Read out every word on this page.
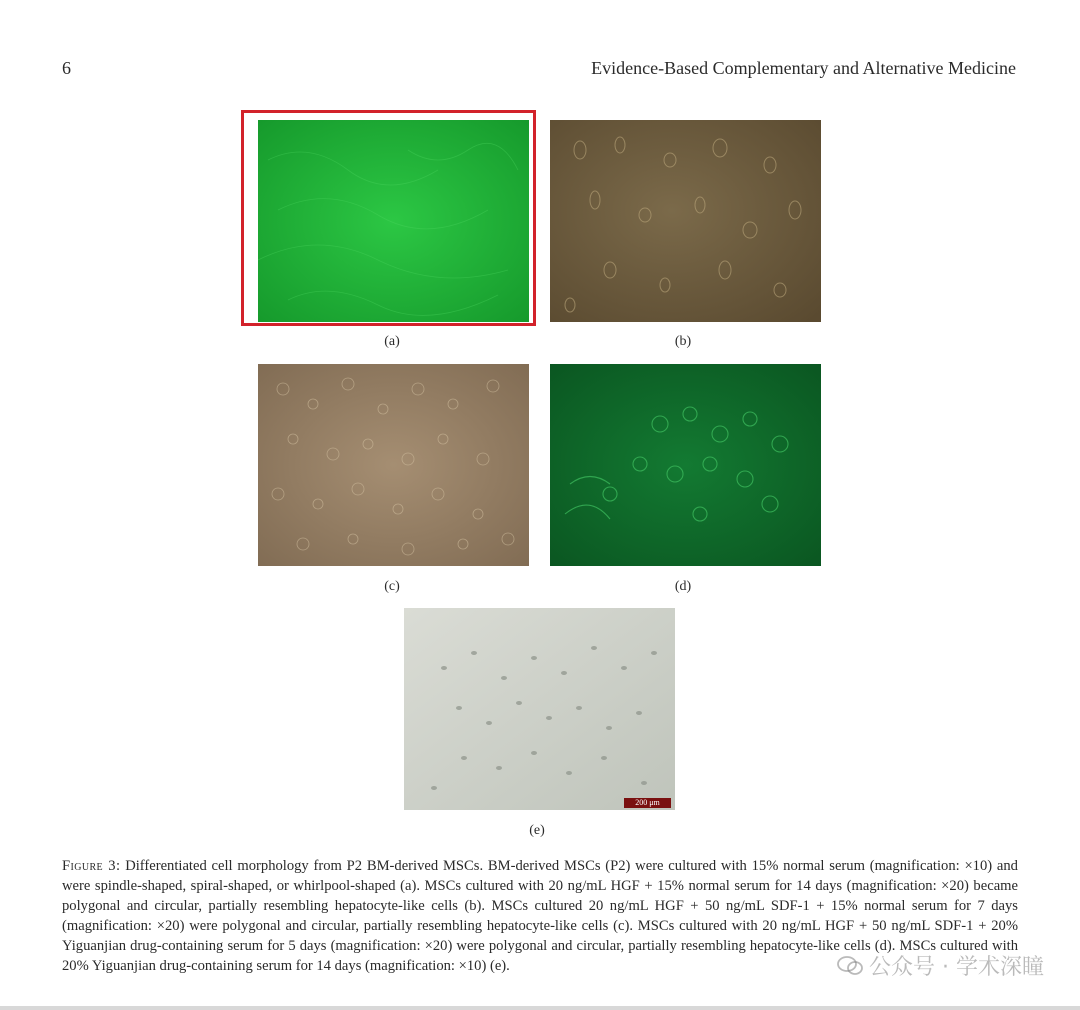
6	Evidence-Based Complementary and Alternative Medicine
(a)	(b)
(c)	(d)
200 μm
(e)

Figure 3: Differentiated cell morphology from P2 BM-derived MSCs. BM-derived MSCs (P2) were cultured with 15% normal serum (magnification: ×10) and were spindle-shaped, spiral-shaped, or whirlpool-shaped (a). MSCs cultured with 20 ng/mL HGF + 15% normal serum for 14 days (magnification: ×20) became polygonal and circular, partially resembling hepatocyte-like cells (b). MSCs cultured 20 ng/mL HGF + 50 ng/mL SDF-1 + 15% normal serum for 7 days (magnification: ×20) were polygonal and circular, partially resembling hepatocyte-like cells (c). MSCs cultured with 20 ng/mL HGF + 50 ng/mL SDF-1 + 20% Yiguanjian drug-containing serum for 5 days (magnification: ×20) were polygonal and circular, partially resembling hepatocyte-like cells (d). MSCs cultured with 20% Yiguanjian drug-containing serum for 14 days (magnification: ×10) (e).	公众号 · 学术深瞳
